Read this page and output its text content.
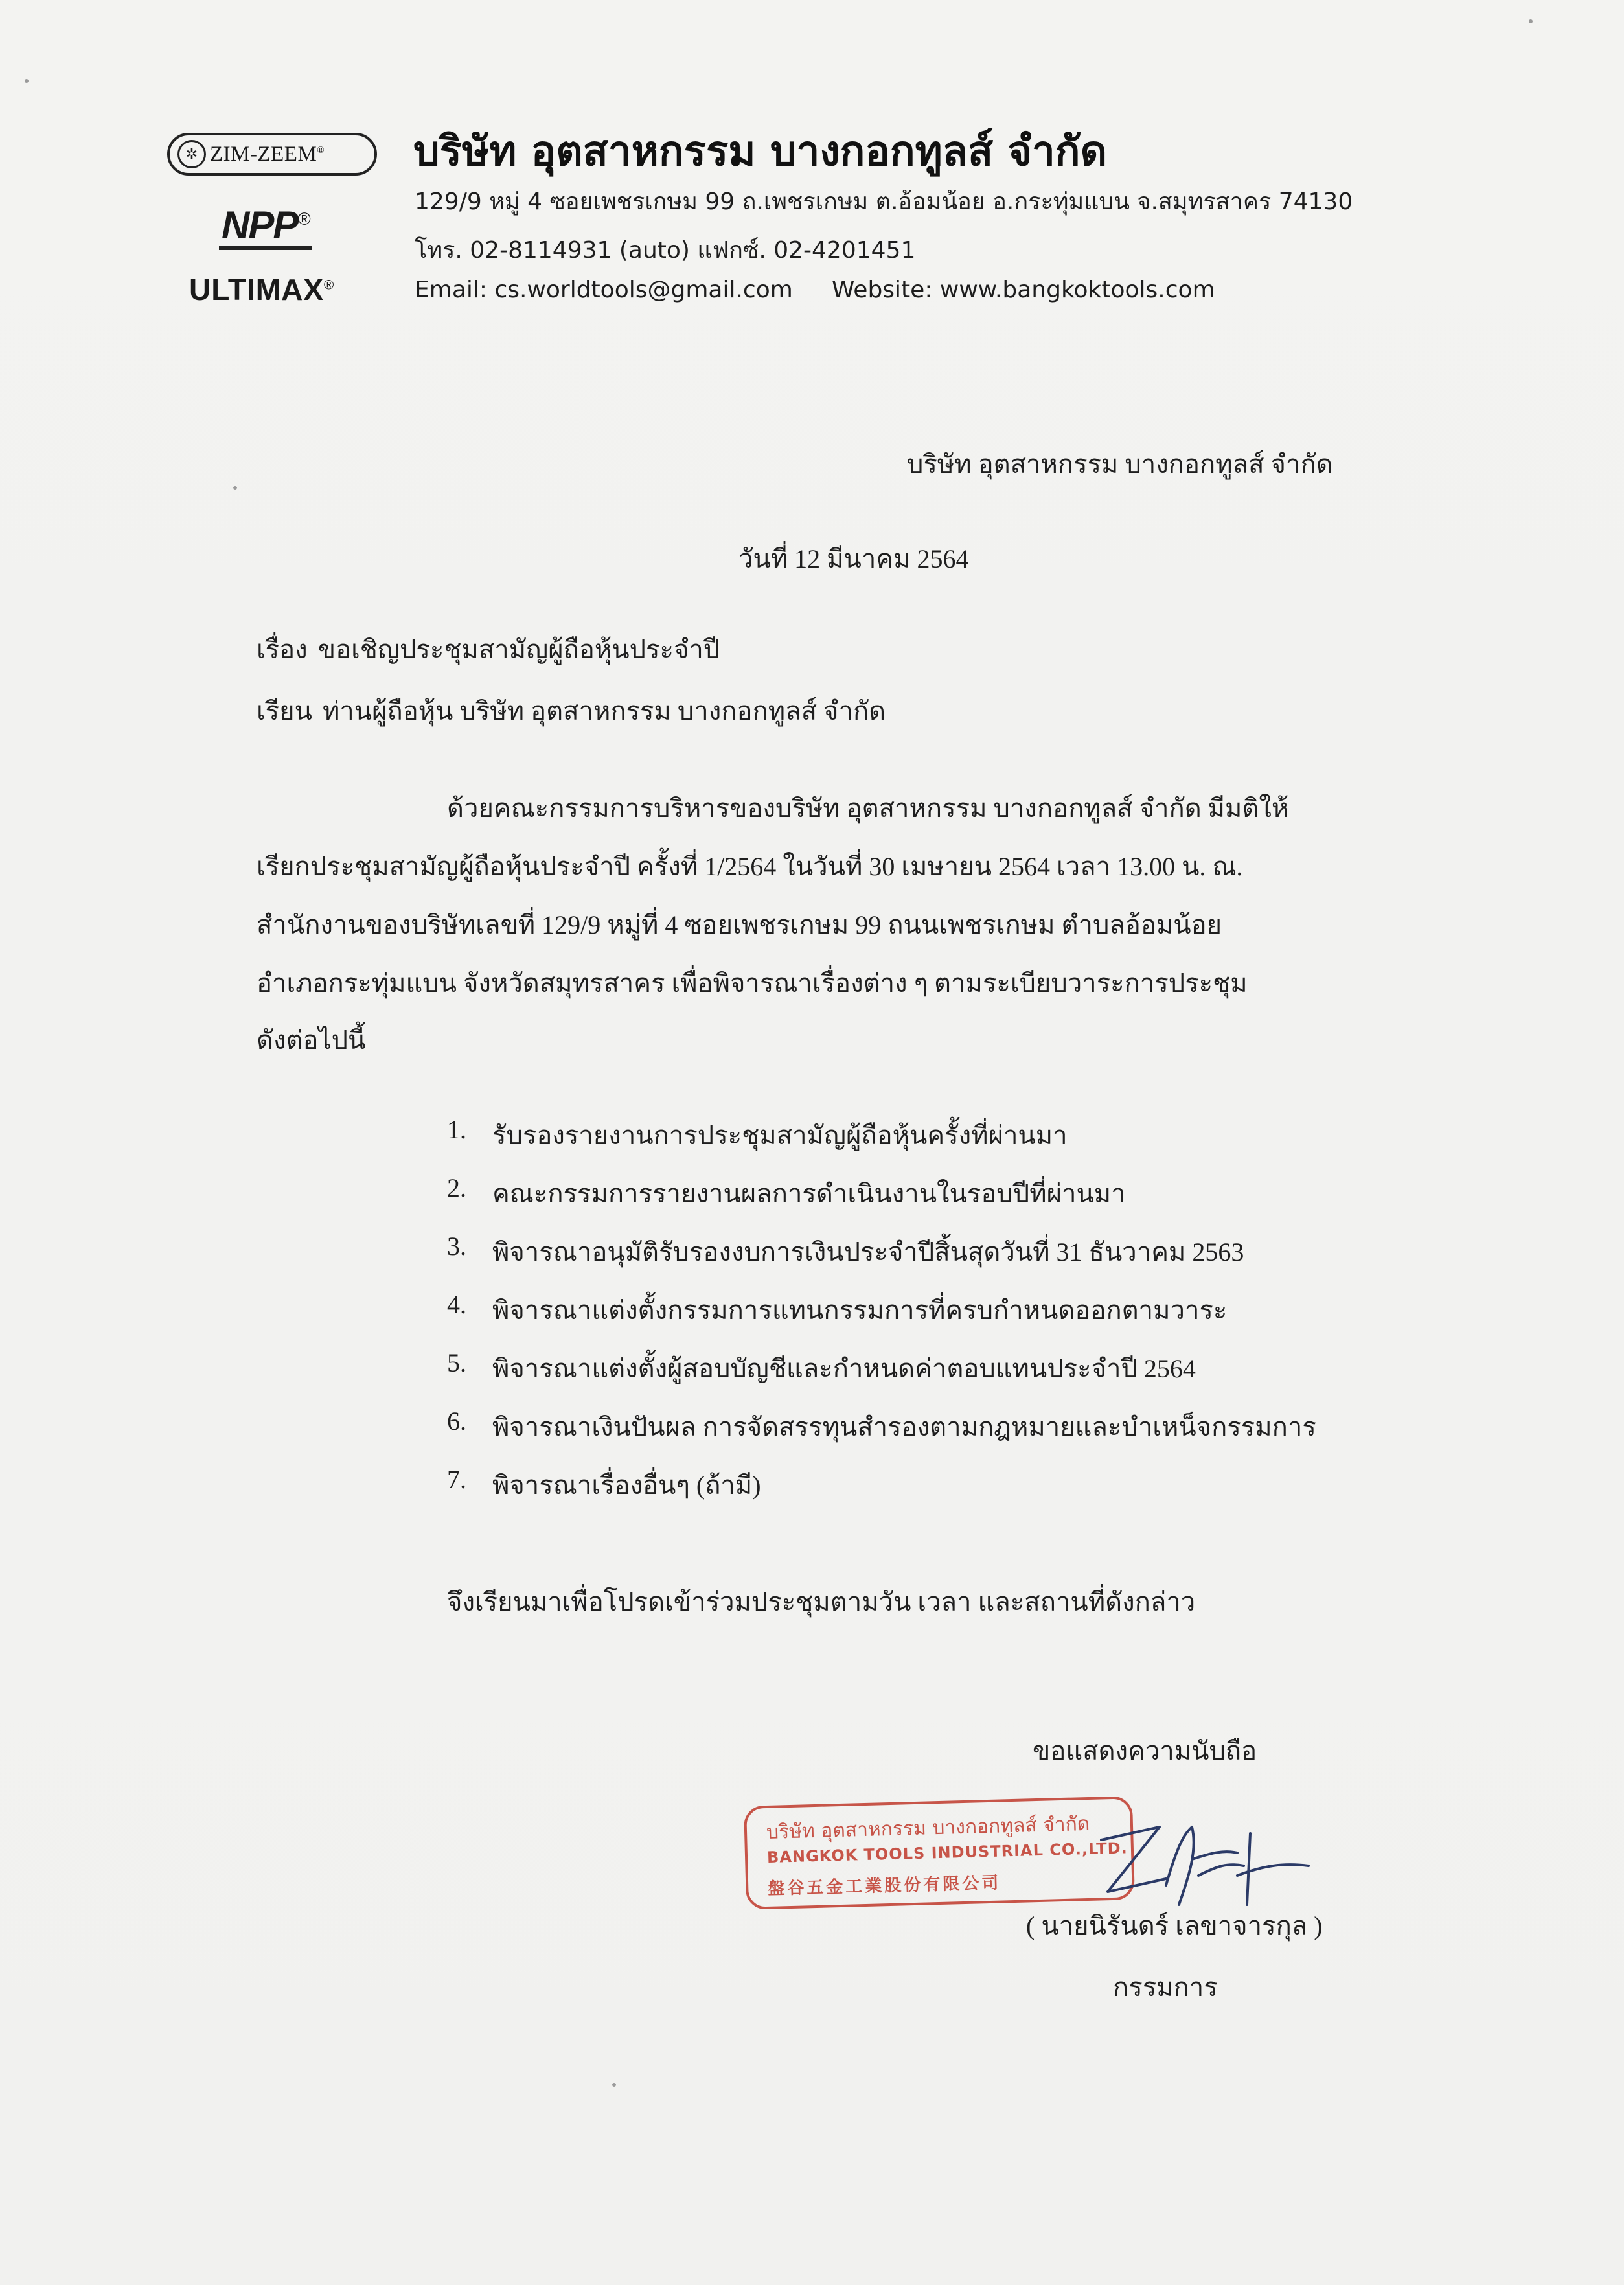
✲ ZIM-ZEEM®
NPP®
ULTIMAX®
บริษัท อุตสาหกรรม บางกอกทูลส์ จำกัด
129/9 หมู่ 4 ซอยเพชรเกษม 99 ถ.เพชรเกษม ต.อ้อมน้อย อ.กระทุ่มแบน จ.สมุทรสาคร 74130
โทร. 02-8114931 (auto) แฟกซ์. 02-4201451
Email: cs.worldtools@gmail.com Website: www.bangkoktools.com
บริษัท อุตสาหกรรม บางกอกทูลส์ จำกัด
วันที่ 12 มีนาคม 2564
เรื่อง ขอเชิญประชุมสามัญผู้ถือหุ้นประจำปี
เรียน ท่านผู้ถือหุ้น บริษัท อุตสาหกรรม บางกอกทูลส์ จำกัด
ด้วยคณะกรรมการบริหารของบริษัท อุตสาหกรรม บางกอกทูลส์ จำกัด มีมติให้
เรียกประชุมสามัญผู้ถือหุ้นประจำปี ครั้งที่ 1/2564 ในวันที่ 30 เมษายน 2564 เวลา 13.00 น. ณ.
สำนักงานของบริษัทเลขที่ 129/9 หมู่ที่ 4 ซอยเพชรเกษม 99 ถนนเพชรเกษม ตำบลอ้อมน้อย
อำเภอกระทุ่มแบน จังหวัดสมุทรสาคร เพื่อพิจารณาเรื่องต่าง ๆ ตามระเบียบวาระการประชุม
ดังต่อไปนี้
1.	รับรองรายงานการประชุมสามัญผู้ถือหุ้นครั้งที่ผ่านมา
2.	คณะกรรมการรายงานผลการดำเนินงานในรอบปีที่ผ่านมา
3.	พิจารณาอนุมัติรับรองงบการเงินประจำปีสิ้นสุดวันที่ 31 ธันวาคม 2563
4.	พิจารณาแต่งตั้งกรรมการแทนกรรมการที่ครบกำหนดออกตามวาระ
5.	พิจารณาแต่งตั้งผู้สอบบัญชีและกำหนดค่าตอบแทนประจำปี 2564
6.	พิจารณาเงินปันผล การจัดสรรทุนสำรองตามกฎหมายและบำเหน็จกรรมการ
7.	พิจารณาเรื่องอื่นๆ (ถ้ามี)
จึงเรียนมาเพื่อโปรดเข้าร่วมประชุมตามวัน เวลา และสถานที่ดังกล่าว
ขอแสดงความนับถือ
บริษัท อุตสาหกรรม บางกอกทูลส์ จำกัด
BANGKOK TOOLS INDUSTRIAL CO.,LTD.
盤谷五金工業股份有限公司
( นายนิรันดร์ เลขาจารกุล )
กรรมการ
